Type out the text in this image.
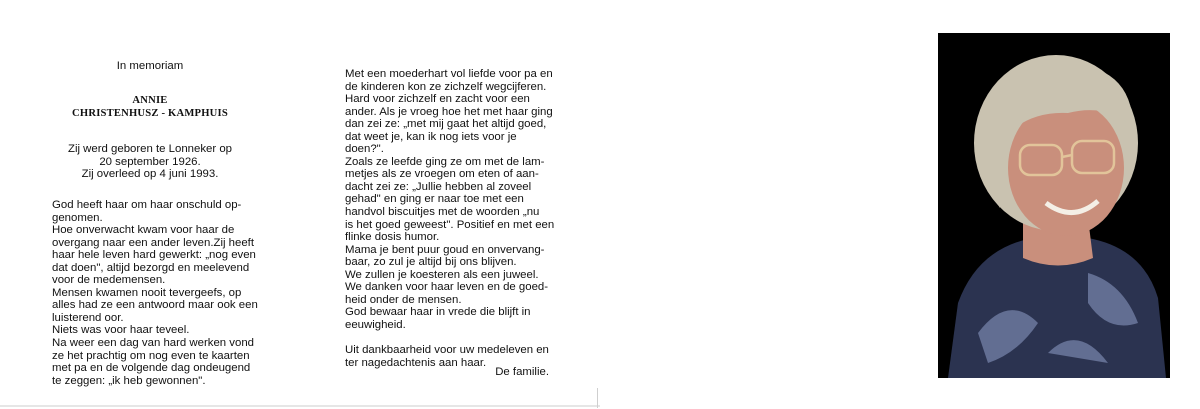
In memoriam
ANNIE
CHRISTENHUSZ - KAMPHUIS
Zij werd geboren te Lonneker op
20 september 1926.
Zij overleed op 4 juni 1993.

God heeft haar om haar onschuld op-

genomen.

Hoe onverwacht kwam voor haar de

overgang naar een ander leven.Zij heeft

haar hele leven hard gewerkt: „nog even

dat doen", altijd bezorgd en meelevend

voor de medemensen.

Mensen kwamen nooit tevergeefs, op

alles had ze een antwoord maar ook een

luisterend oor.

Niets was voor haar teveel.

Na weer een dag van hard werken vond

ze het prachtig om nog even te kaarten

met pa en de volgende dag ondeugend

te zeggen: „ik heb gewonnen".

Met een moederhart vol liefde voor pa en

de kinderen kon ze zichzelf wegcijferen.

Hard voor zichzelf en zacht voor een

ander. Als je vroeg hoe het met haar ging

dan zei ze: „met mij gaat het altijd goed,

dat weet je, kan ik nog iets voor je

doen?".

Zoals ze leefde ging ze om met de lam-

metjes als ze vroegen om eten of aan-

dacht zei ze: „Jullie hebben al zoveel

gehad" en ging er naar toe met een

handvol biscuitjes met de woorden „nu

is het goed geweest". Positief en met een

flinke dosis humor.

Mama je bent puur goud en onvervang-

baar, zo zul je altijd bij ons blijven.

We zullen je koesteren als een juweel.

We danken voor haar leven en de goed-

heid onder de mensen.

God bewaar haar in vrede die blijft in

eeuwigheid.

Uit dankbaarheid voor uw medeleven en

ter nagedachtenis aan haar.

De familie.
